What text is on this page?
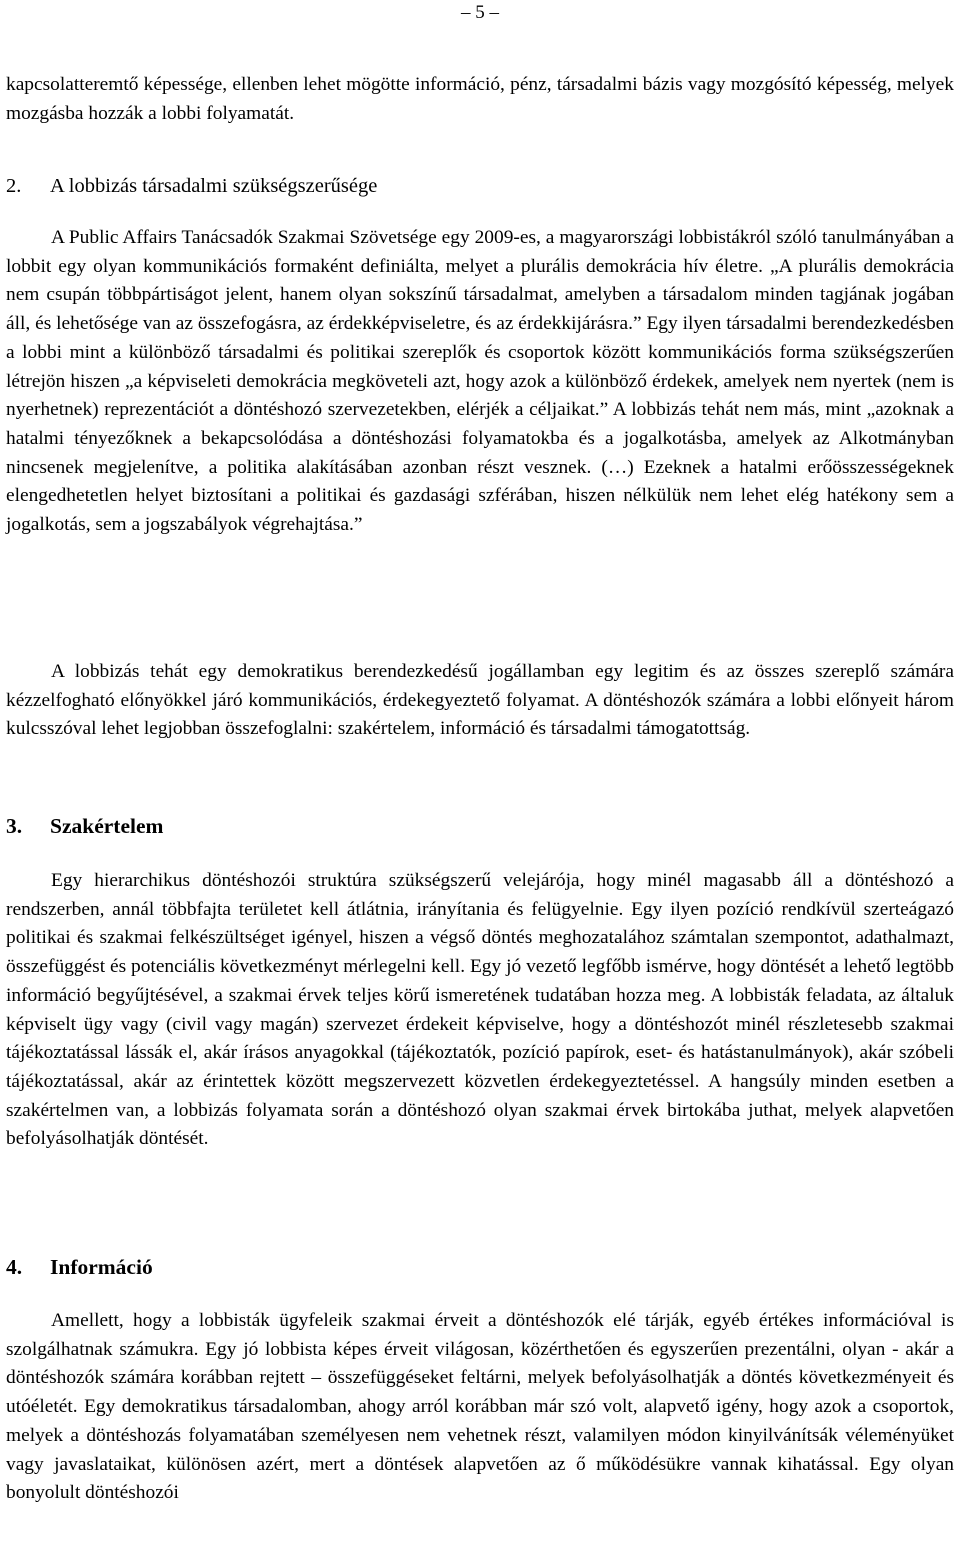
– 5 –

kapcsolatteremtő képessége, ellenben lehet mögötte információ, pénz, társadalmi bázis vagy mozgósító képesség, melyek mozgásba hozzák a lobbi folyamatát.

2. A lobbizás társadalmi szükségszerűsége

A Public Affairs Tanácsadók Szakmai Szövetsége egy 2009-es, a magyarországi lobbistákról szóló tanulmányában a lobbit egy olyan kommunikációs formaként definiálta, melyet a plurális demokrácia hív életre. „A plurális demokrácia nem csupán többpártiságot jelent, hanem olyan sokszínű társadalmat, amelyben a társadalom minden tagjának jogában áll, és lehetősége van az összefogásra, az érdekképviseletre, és az érdekkijárásra.” Egy ilyen társadalmi berendezkedésben a lobbi mint a különböző társadalmi és politikai szereplők és csoportok között kommunikációs forma szükségszerűen létrejön hiszen „a képviseleti demokrácia megköveteli azt, hogy azok a különböző érdekek, amelyek nem nyertek (nem is nyerhetnek) reprezentációt a döntéshozó szervezetekben, elérjék a céljaikat.” A lobbizás tehát nem más, mint „azoknak a hatalmi tényezőknek a bekapcsolódása a döntéshozási folyamatokba és a jogalkotásba, amelyek az Alkotmányban nincsenek megjelenítve, a politika alakításában azonban részt vesznek. (…) Ezeknek a hatalmi erőösszességeknek elengedhetetlen helyet biztosítani a politikai és gazdasági szférában, hiszen nélkülük nem lehet elég hatékony sem a jogalkotás, sem a jogszabályok végrehajtása.”

A lobbizás tehát egy demokratikus berendezkedésű jogállamban egy legitim és az összes szereplő számára kézzelfogható előnyökkel járó kommunikációs, érdekegyeztető folyamat. A döntéshozók számára a lobbi előnyeit három kulcsszóval lehet legjobban összefoglalni: szakértelem, információ és társadalmi támogatottság.

3. Szakértelem

Egy hierarchikus döntéshozói struktúra szükségszerű velejárója, hogy minél magasabb áll a döntéshozó a rendszerben, annál többfajta területet kell átlátnia, irányítania és felügyelnie. Egy ilyen pozíció rendkívül szerteágazó politikai és szakmai felkészültséget igényel, hiszen a végső döntés meghozatalához számtalan szempontot, adathalmazt, összefüggést és potenciális következményt mérlegelni kell. Egy jó vezető legfőbb ismérve, hogy döntését a lehető legtöbb információ begyűjtésével, a szakmai érvek teljes körű ismeretének tudatában hozza meg. A lobbisták feladata, az általuk képviselt ügy vagy (civil vagy magán) szervezet érdekeit képviselve, hogy a döntéshozót minél részletesebb szakmai tájékoztatással lássák el, akár írásos anyagokkal (tájékoztatók, pozíció papírok, eset- és hatástanulmányok), akár szóbeli tájékoztatással, akár az érintettek között megszervezett közvetlen érdekegyeztetéssel. A hangsúly minden esetben a szakértelmen van, a lobbizás folyamata során a döntéshozó olyan szakmai érvek birtokába juthat, melyek alapvetően befolyásolhatják döntését.

4. Információ

Amellett, hogy a lobbisták ügyfeleik szakmai érveit a döntéshozók elé tárják, egyéb értékes információval is szolgálhatnak számukra. Egy jó lobbista képes érveit világosan, közérthetően és egyszerűen prezentálni, olyan - akár a döntéshozók számára korábban rejtett – összefüggéseket feltárni, melyek befolyásolhatják a döntés következményeit és utóéletét. Egy demokratikus társadalomban, ahogy arról korábban már szó volt, alapvető igény, hogy azok a csoportok, melyek a döntéshozás folyamatában személyesen nem vehetnek részt, valamilyen módon kinyilvánítsák véleményüket vagy javaslataikat, különösen azért, mert a döntések alapvetően az ő működésükre vannak kihatással. Egy olyan bonyolult döntéshozói
